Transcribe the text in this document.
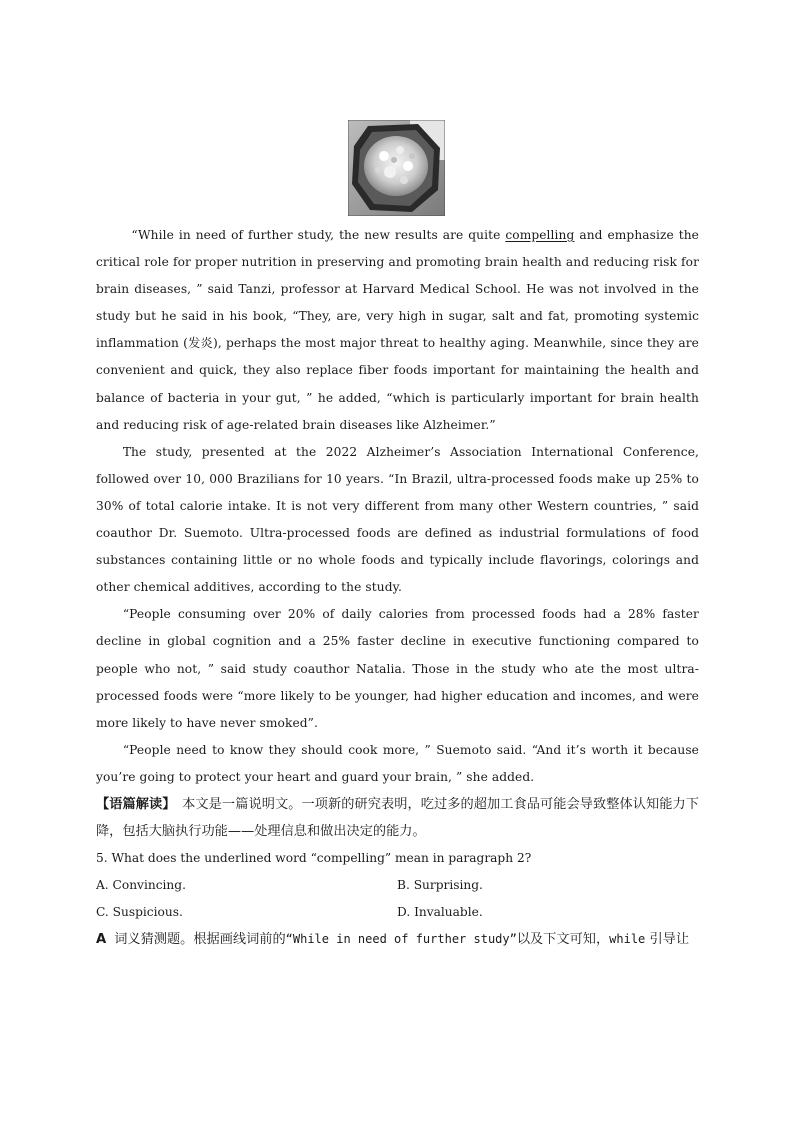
“While in need of further study, the new results are quite compelling and emphasize the critical role for proper nutrition in preserving and promoting brain health and reducing risk for brain diseases, ” said Tanzi, professor at Harvard Medical School. He was not involved in the study but he said in his book, “They, are, very high in sugar, salt and fat, promoting systemic inflammation (发炎), perhaps the most major threat to healthy aging. Meanwhile, since they are convenient and quick, they also replace fiber foods important for maintaining the health and balance of bacteria in your gut, ” he added, “which is particularly important for brain health and reducing risk of age-related brain diseases like Alzheimer.”

The study, presented at the 2022 Alzheimer’s Association International Conference, followed over 10, 000 Brazilians for 10 years. “In Brazil, ultra-processed foods make up 25% to 30% of total calorie intake. It is not very different from many other Western countries, ” said coauthor Dr. Suemoto. Ultra-processed foods are defined as industrial formulations of food substances containing little or no whole foods and typically include flavorings, colorings and other chemical additives, according to the study.

“People consuming over 20% of daily calories from processed foods had a 28% faster decline in global cognition and a 25% faster decline in executive functioning compared to people who not, ” said study coauthor Natalia. Those in the study who ate the most ultra-processed foods were “more likely to be younger, had higher education and incomes, and were more likely to have never smoked”.

“People need to know they should cook more, ” Suemoto said. “And it’s worth it because you’re going to protect your heart and guard your brain, ” she added.

【语篇解读】　本文是一篇说明文。一项新的研究表明，吃过多的超加工食品可能会导致整体认知能力下降，包括大脑执行功能——处理信息和做出决定的能力。

5. What does the underlined word “compelling” mean in paragraph 2?

A. Convincing.	B. Surprising.
C. Suspicious.	D. Invaluable.

A 词义猜测题。根据画线词前的“While in need of further study”以及下文可知，while 引导让
